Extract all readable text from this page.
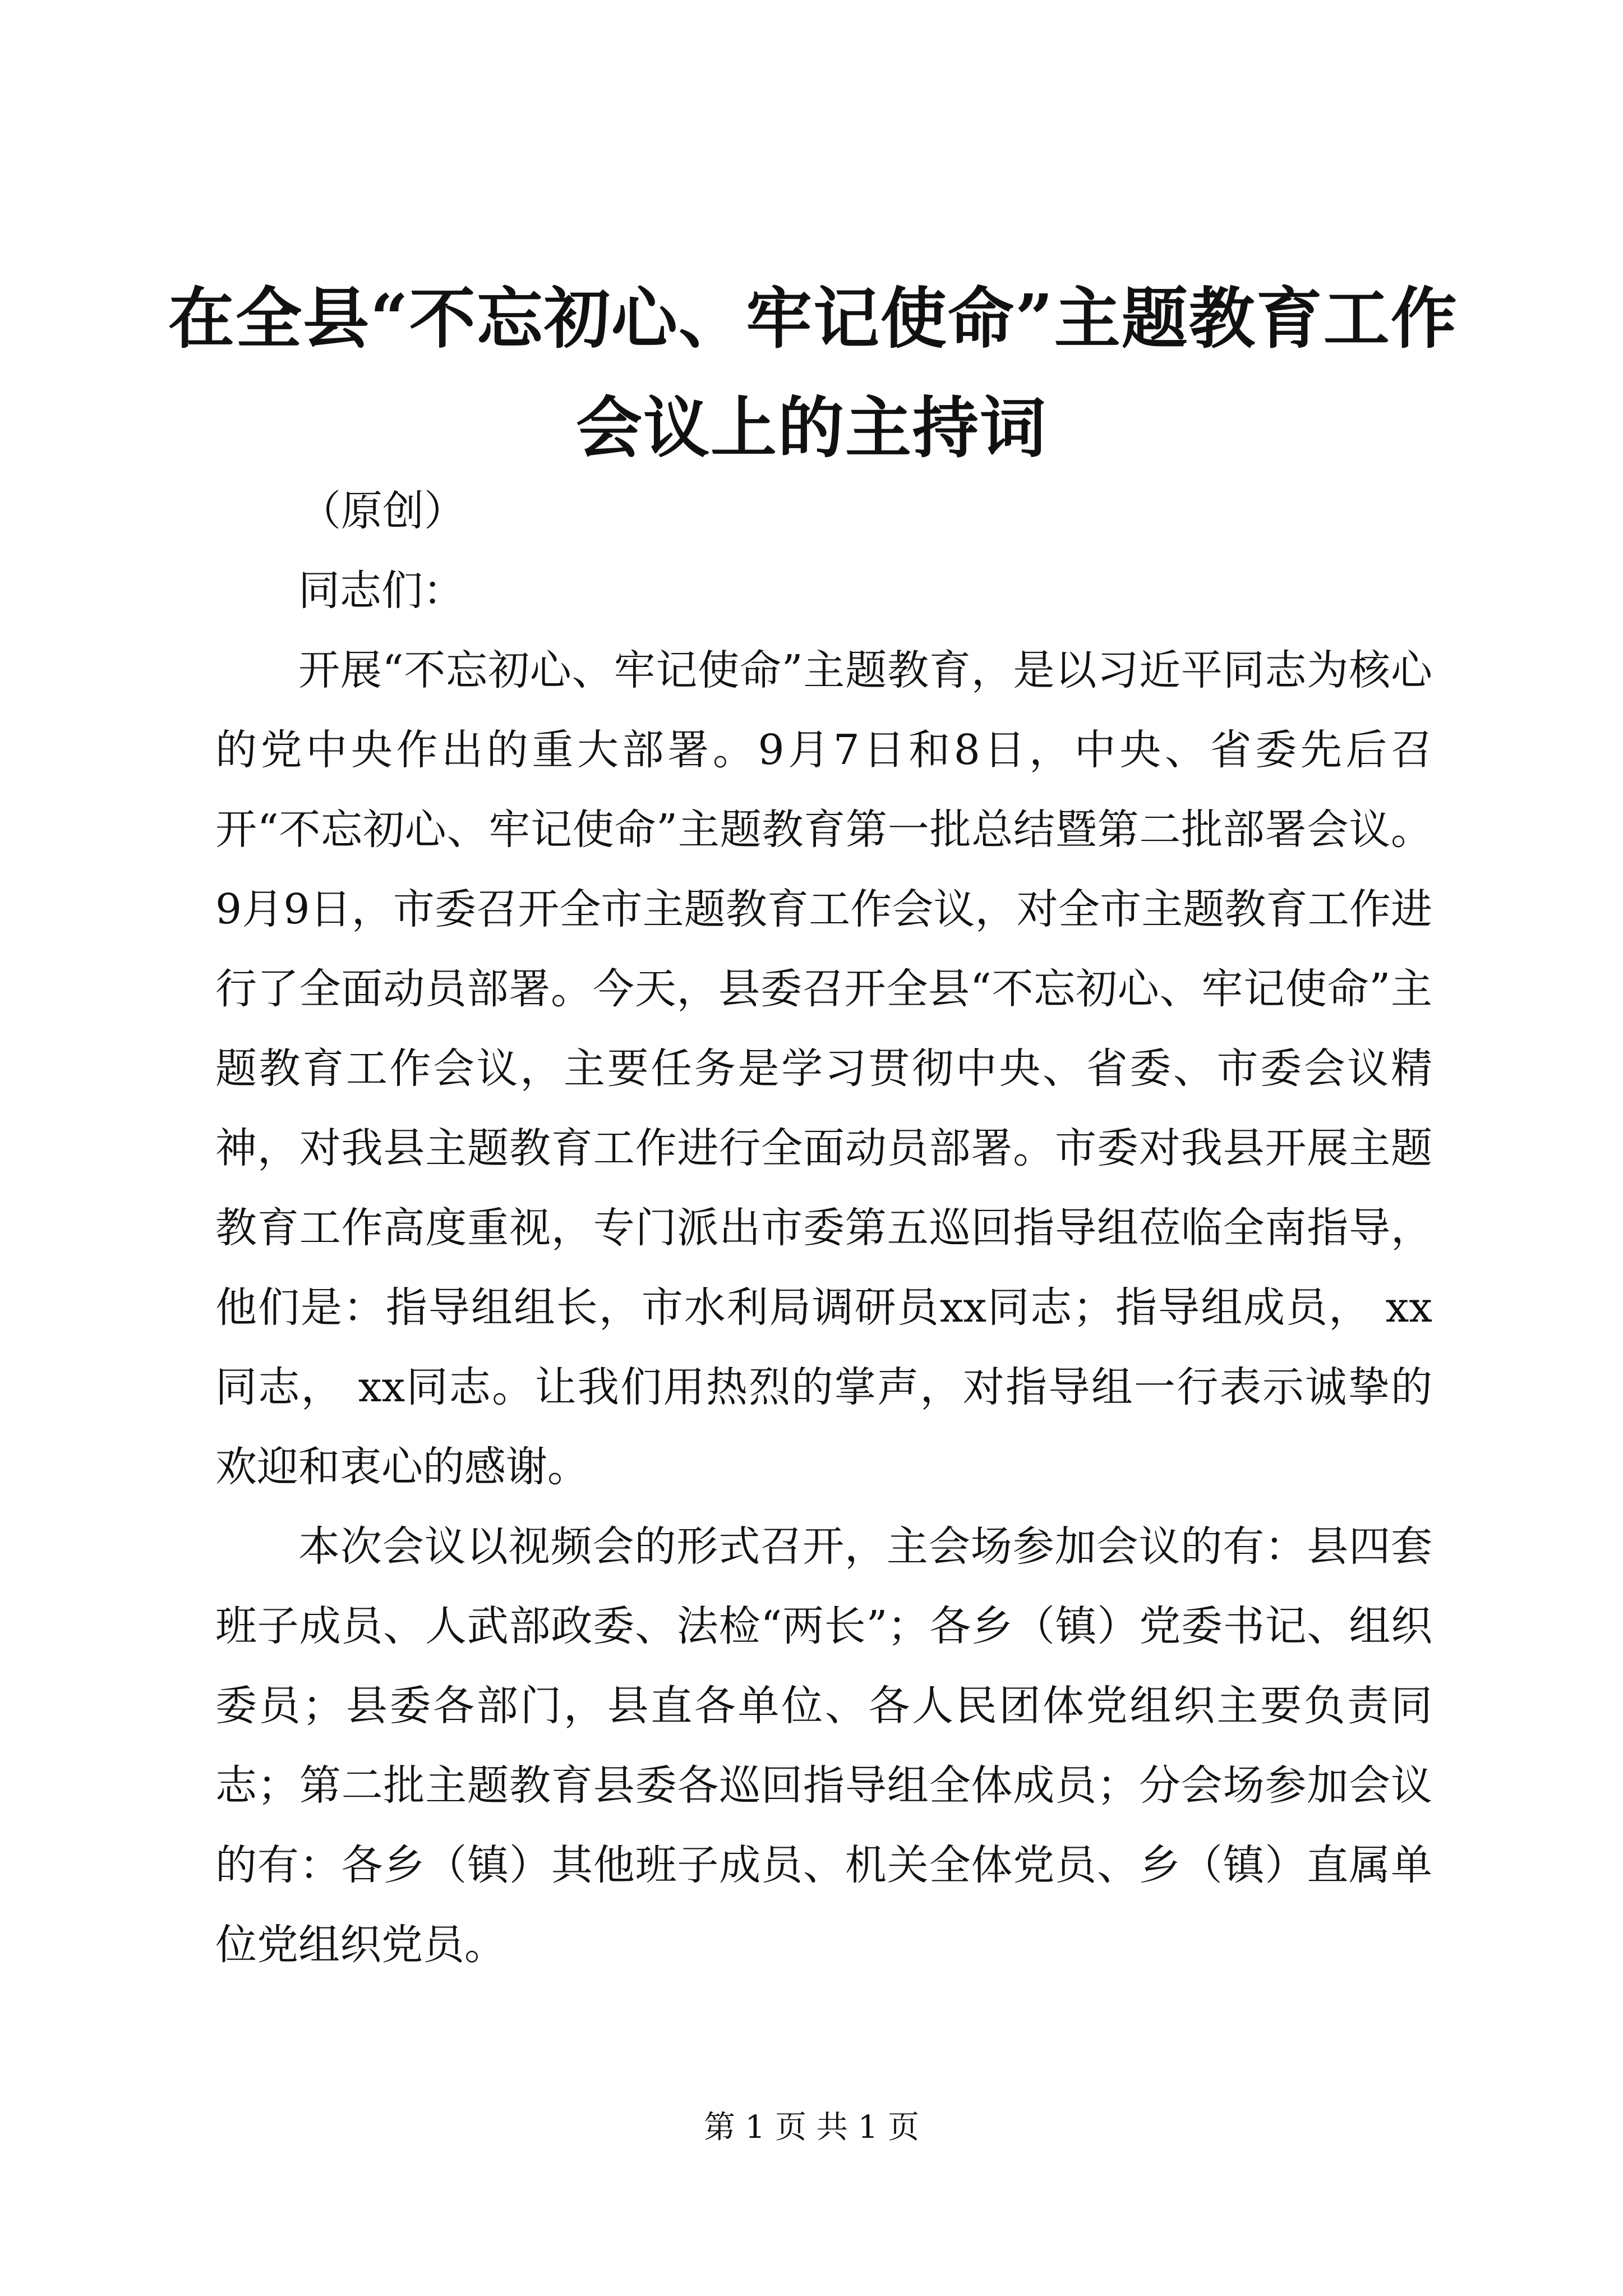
在全县“不忘初心、牢记使命”主题教育工作
会议上的主持词

（原创）

同志们：

开展“不忘初心、牢记使命”主题教育，是以习近平同志为核心的党中央作出的重大部署。9月7日和8日，中央、省委先后召开“不忘初心、牢记使命”主题教育第一批总结暨第二批部署会议。9月9日，市委召开全市主题教育工作会议，对全市主题教育工作进行了全面动员部署。今天，县委召开全县“不忘初心、牢记使命”主题教育工作会议，主要任务是学习贯彻中央、省委、市委会议精神，对我县主题教育工作进行全面动员部署。市委对我县开展主题教育工作高度重视，专门派出市委第五巡回指导组莅临全南指导，他们是：指导组组长，市水利局调研员xx同志；指导组成员， xx同志， xx同志。让我们用热烈的掌声，对指导组一行表示诚挚的欢迎和衷心的感谢。

本次会议以视频会的形式召开，主会场参加会议的有：县四套班子成员、人武部政委、法检“两长”；各乡（镇）党委书记、组织委员；县委各部门，县直各单位、各人民团体党组织主要负责同志；第二批主题教育县委各巡回指导组全体成员；分会场参加会议的有：各乡（镇）其他班子成员、机关全体党员、乡（镇）直属单位党组织党员。

第 1 页 共 1 页
